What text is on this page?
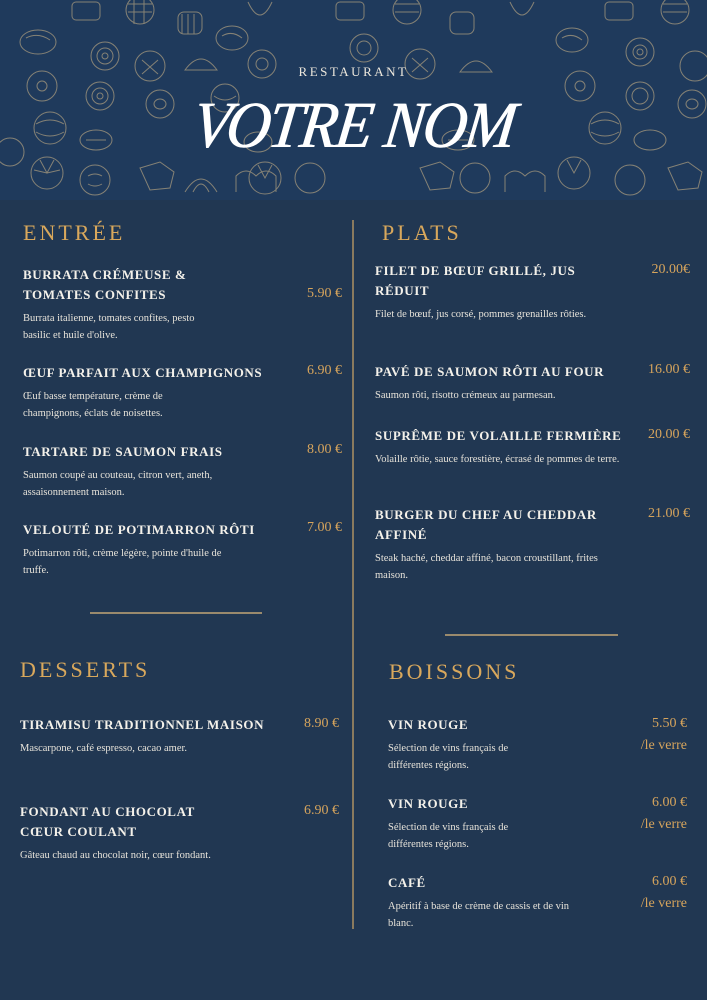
RESTAURANT
VOTRE NOM
ENTRÉE
BURRATA CRÉMEUSE & TOMATES CONFITES
Burrata italienne, tomates confites, pesto basilic et huile d'olive.
5.90 €
ŒUF PARFAIT AUX CHAMPIGNONS
Œuf basse température, crème de champignons, éclats de noisettes.
6.90 €
TARTARE DE SAUMON FRAIS
Saumon coupé au couteau, citron vert, aneth, assaisonnement maison.
8.00 €
VELOUTÉ DE POTIMARRON RÔTI
Potimarron rôti, crème légère, pointe d'huile de truffe.
7.00 €
PLATS
FILET DE BŒUF GRILLÉ, JUS RÉDUIT
Filet de bœuf, jus corsé, pommes grenailles rôties.
20.00€
PAVÉ DE SAUMON RÔTI AU FOUR
Saumon rôti, risotto crémeux au parmesan.
16.00 €
SUPRÊME DE VOLAILLE FERMIÈRE
Volaille rôtie, sauce forestière, écrasé de pommes de terre.
20.00 €
BURGER DU CHEF AU CHEDDAR AFFINÉ
Steak haché, cheddar affiné, bacon croustillant, frites maison.
21.00 €
DESSERTS
TIRAMISU TRADITIONNEL MAISON
Mascarpone, café espresso, cacao amer.
8.90 €
FONDANT AU CHOCOLAT CŒUR COULANT
Gâteau chaud au chocolat noir, cœur fondant.
6.90 €
BOISSONS
VIN ROUGE
Sélection de vins français de différentes régions.
5.50 €
/le verre
VIN ROUGE
Sélection de vins français de différentes régions.
6.00 €
/le verre
CAFÉ
Apéritif à base de crème de cassis et de vin blanc.
6.00 €
/le verre
